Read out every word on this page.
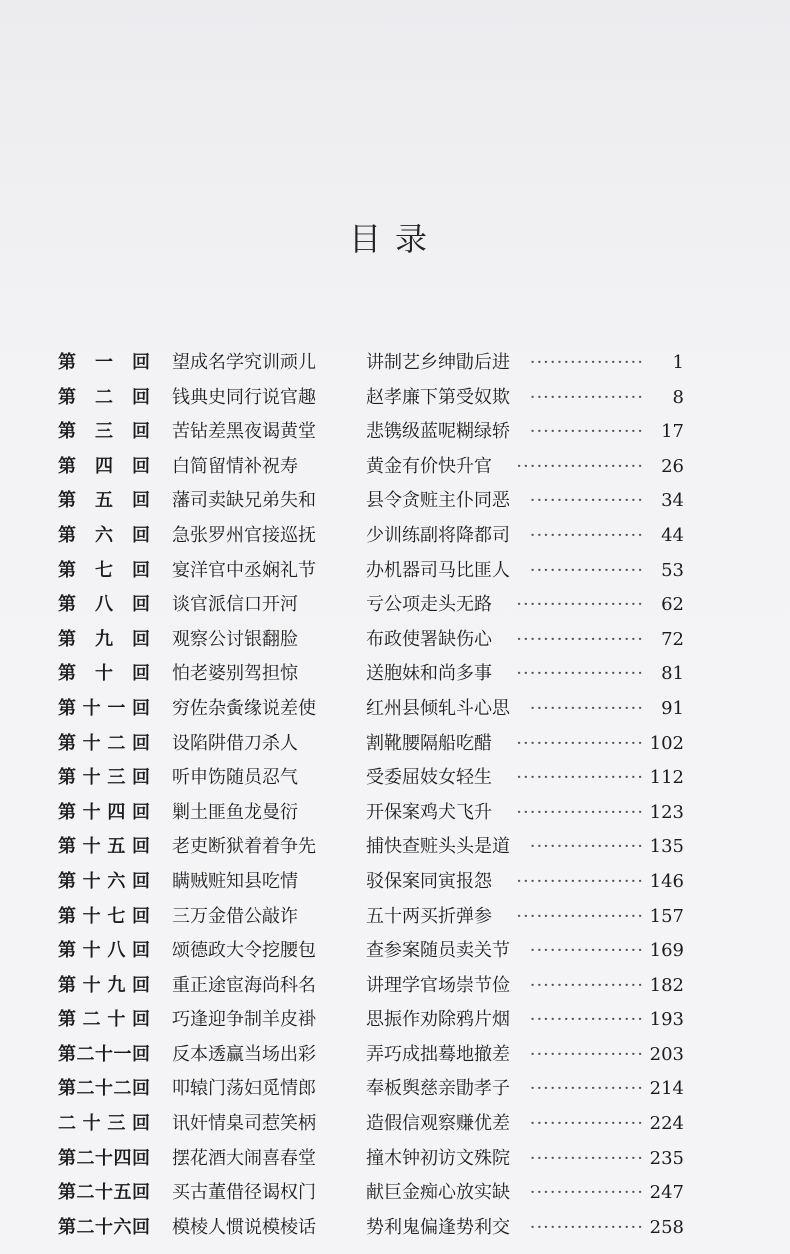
目录
第 一 回 望成名学究训顽儿	讲制艺乡绅勖后进	················· 1
第 二 回 钱典史同行说官趣	赵孝廉下第受奴欺	················· 8
第 三 回 苦钻差黑夜谒黄堂	悲镌级蓝呢糊绿轿	················· 17
第 四 回 白简留情补祝寿	黄金有价快升官	··················· 26
第 五 回 藩司卖缺兄弟失和	县令贪赃主仆同恶	················· 34
第 六 回 急张罗州官接巡抚	少训练副将降都司	················· 44
第 七 回 宴洋官中丞娴礼节	办机器司马比匪人	················· 53
第 八 回 谈官派信口开河	亏公项走头无路	··················· 62
第 九 回 观察公讨银翻脸	布政使署缺伤心	··················· 72
第 十 回 怕老婆别驾担惊	送胞妹和尚多事	··················· 81
第 十 一 回 穷佐杂夤缘说差使	红州县倾轧斗心思	················· 91
第 十 二 回 设陷阱借刀杀人	割靴腰隔船吃醋	··················· 102
第 十 三 回 听申饬随员忍气	受委屈妓女轻生	··················· 112
第 十 四 回 剿土匪鱼龙曼衍	开保案鸡犬飞升	··················· 123
第 十 五 回 老吏断狱着着争先	捕快查赃头头是道	················· 135
第 十 六 回 瞒贼赃知县吃情	驳保案同寅报怨	··················· 146
第 十 七 回 三万金借公敲诈	五十两买折弹参	··················· 157
第 十 八 回 颂德政大令挖腰包	查参案随员卖关节	················· 169
第 十 九 回 重正途宦海尚科名	讲理学官场崇节俭	················· 182
第 二 十 回 巧逢迎争制羊皮褂	思振作劝除鸦片烟	················· 193
第 二 十 一 回 反本透赢当场出彩	弄巧成拙蓦地撤差	················· 203
第 二 十 二 回 叩辕门荡妇觅情郎	奉板舆慈亲勖孝子	················· 214
二 十 三 回 讯奸情臬司惹笑柄	造假信观察赚优差	················· 224
第 二 十 四 回 摆花酒大闹喜春堂	撞木钟初访文殊院	················· 235
第 二 十 五 回 买古董借径谒权门	献巨金痴心放实缺	················· 247
第 二 十 六 回 模棱人惯说模棱话	势利鬼偏逢势利交	················· 258
